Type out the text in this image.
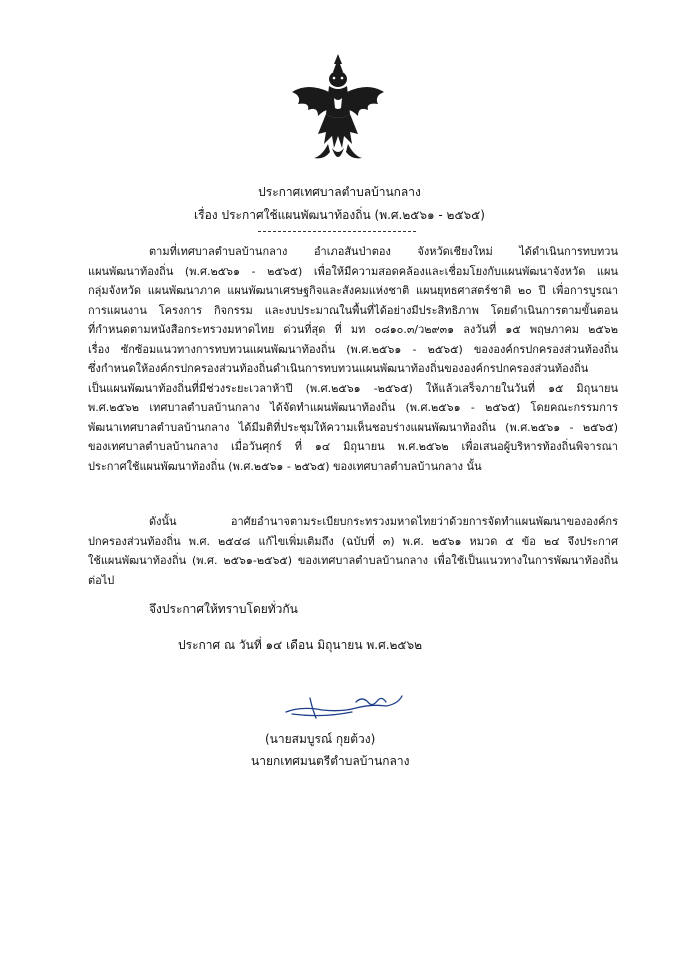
ประกาศเทศบาลตำบลบ้านกลาง
เรื่อง ประกาศใช้แผนพัฒนาท้องถิ่น (พ.ศ.๒๕๖๑ - ๒๕๖๕)
ตามที่เทศบาลตำบลบ้านกลาง อำเภอสันป่าตอง จังหวัดเชียงใหม่ ได้ดำเนินการทบทวน
แผนพัฒนาท้องถิ่น (พ.ศ.๒๕๖๑ - ๒๕๖๕) เพื่อให้มีความสอดคล้องและเชื่อมโยงกับแผนพัฒนาจังหวัด แผน
กลุ่มจังหวัด แผนพัฒนาภาค แผนพัฒนาเศรษฐกิจและสังคมแห่งชาติ แผนยุทธศาสตร์ชาติ ๒๐ ปี เพื่อการบูรณา
การแผนงาน โครงการ กิจกรรม และงบประมาณในพื้นที่ได้อย่างมีประสิทธิภาพ โดยดำเนินการตามขั้นตอน
ที่กำหนดตามหนังสือกระทรวงมหาดไทย ด่วนที่สุด ที่ มท ๐๘๑๐.๓/ว๒๙๓๑ ลงวันที่ ๑๕ พฤษภาคม ๒๕๖๒
เรื่อง ซักซ้อมแนวทางการทบทวนแผนพัฒนาท้องถิ่น (พ.ศ.๒๕๖๑ - ๒๕๖๕) ขององค์กรปกครองส่วนท้องถิ่น
ซึ่งกำหนดให้องค์กรปกครองส่วนท้องถิ่นดำเนินการทบทวนแผนพัฒนาท้องถิ่นขององค์กรปกครองส่วนท้องถิ่น
เป็นแผนพัฒนาท้องถิ่นที่มีช่วงระยะเวลาห้าปี (พ.ศ.๒๕๖๑ -๒๕๖๕) ให้แล้วเสร็จภายในวันที่ ๑๕ มิถุนายน
พ.ศ.๒๕๖๒ เทศบาลตำบลบ้านกลาง ได้จัดทำแผนพัฒนาท้องถิ่น (พ.ศ.๒๕๖๑ - ๒๕๖๕) โดยคณะกรรมการ
พัฒนาเทศบาลตำบลบ้านกลาง ได้มีมติที่ประชุมให้ความเห็นชอบร่างแผนพัฒนาท้องถิ่น (พ.ศ.๒๕๖๑ - ๒๕๖๕)
ของเทศบาลตำบลบ้านกลาง เมื่อวันศุกร์ ที่ ๑๔ มิถุนายน พ.ศ.๒๕๖๒ เพื่อเสนอผู้บริหารท้องถิ่นพิจารณา
ประกาศใช้แผนพัฒนาท้องถิ่น (พ.ศ.๒๕๖๑ - ๒๕๖๕) ของเทศบาลตำบลบ้านกลาง นั้น
ดังนั้น อาศัยอำนาจตามระเบียบกระทรวงมหาดไทยว่าด้วยการจัดทำแผนพัฒนาขององค์กร
ปกครองส่วนท้องถิ่น พ.ศ. ๒๕๔๘ แก้ไขเพิ่มเติมถึง (ฉบับที่ ๓) พ.ศ. ๒๕๖๑ หมวด ๕ ข้อ ๒๔ จึงประกาศ
ใช้แผนพัฒนาท้องถิ่น (พ.ศ. ๒๕๖๑-๒๕๖๕) ของเทศบาลตำบลบ้านกลาง เพื่อใช้เป็นแนวทางในการพัฒนาท้องถิ่น
ต่อไป
จึงประกาศให้ทราบโดยทั่วกัน
ประกาศ ณ วันที่ ๑๔ เดือน มิถุนายน พ.ศ.๒๕๖๒
(นายสมบูรณ์ กุยต้วง)
นายกเทศมนตรีตำบลบ้านกลาง
